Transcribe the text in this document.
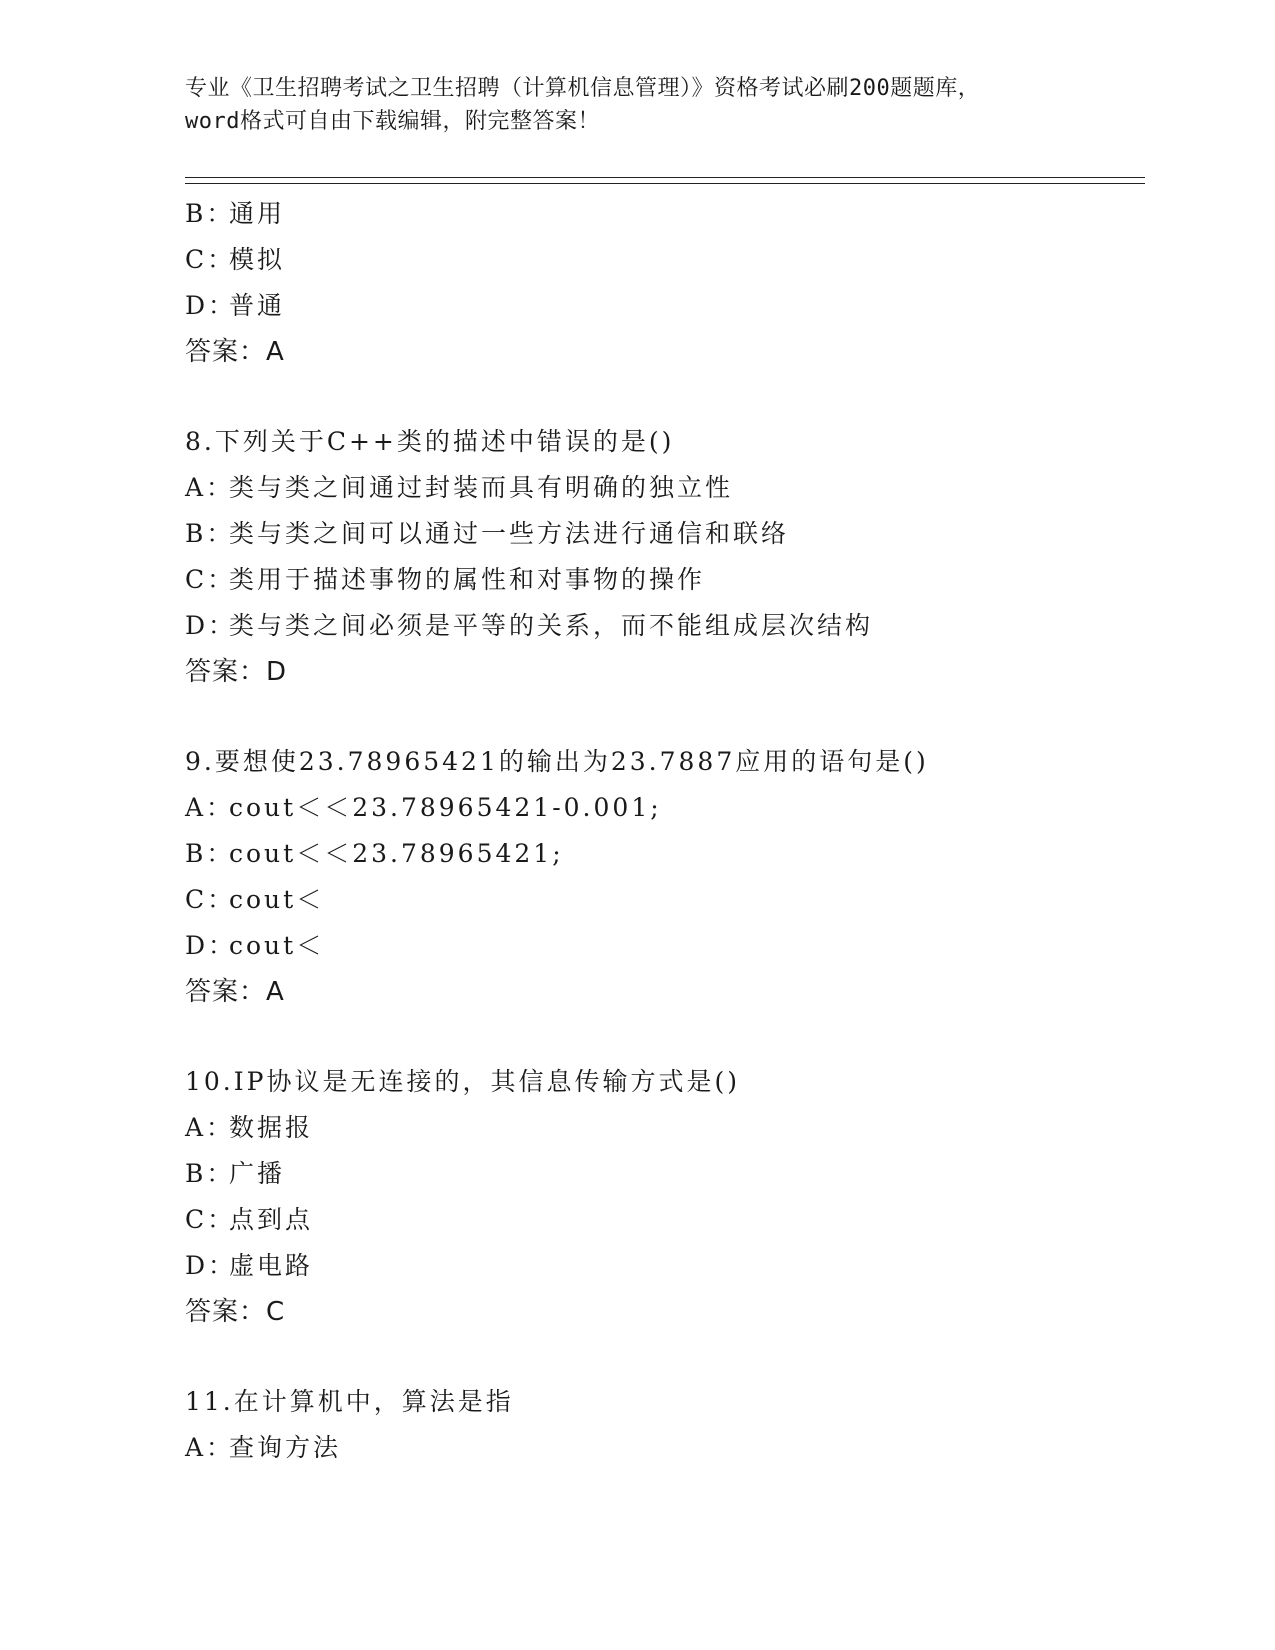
专业《卫生招聘考试之卫生招聘（计算机信息管理）》资格考试必刷200题题库，
word格式可自由下载编辑，附完整答案！
B：通用
C：模拟
D：普通
答案：A
8.下列关于C++类的描述中错误的是()
A：类与类之间通过封装而具有明确的独立性
B：类与类之间可以通过一些方法进行通信和联络
C：类用于描述事物的属性和对事物的操作
D：类与类之间必须是平等的关系，而不能组成层次结构
答案：D
9.要想使23.78965421的输出为23.7887应用的语句是()
A：cout＜＜23.78965421-0.001;
B：cout＜＜23.78965421;
C：cout＜
D：cout＜
答案：A
10.IP协议是无连接的，其信息传输方式是()
A：数据报
B：广播
C：点到点
D：虚电路
答案：C
11.在计算机中，算法是指
A：查询方法
